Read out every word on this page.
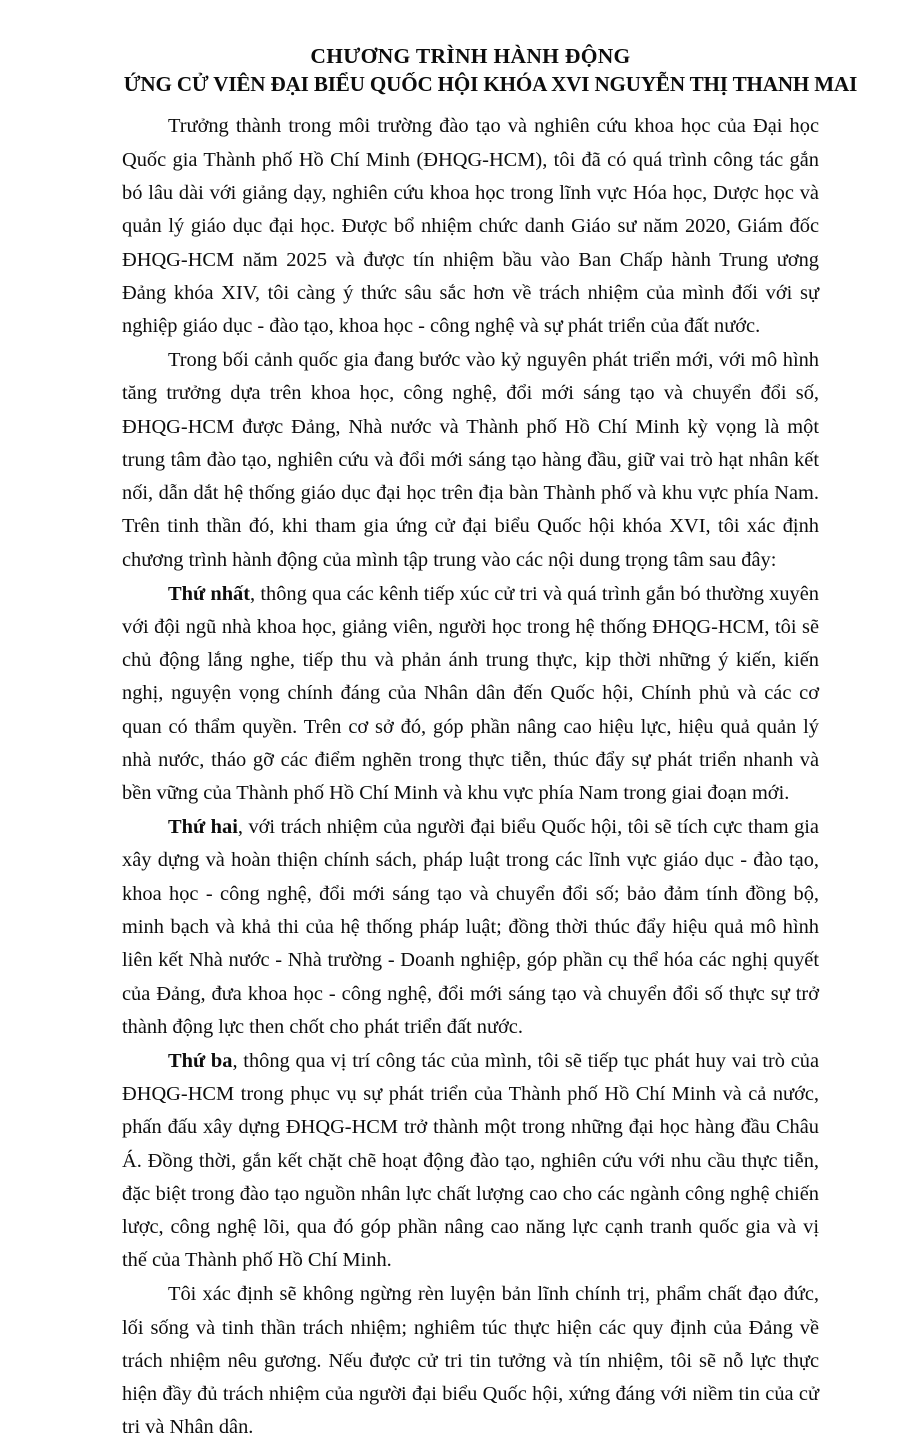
CHƯƠNG TRÌNH HÀNH ĐỘNG
ỨNG CỬ VIÊN ĐẠI BIỂU QUỐC HỘI KHÓA XVI NGUYỄN THỊ THANH MAI

Trưởng thành trong môi trường đào tạo và nghiên cứu khoa học của Đại học Quốc gia Thành phố Hồ Chí Minh (ĐHQG-HCM), tôi đã có quá trình công tác gắn bó lâu dài với giảng dạy, nghiên cứu khoa học trong lĩnh vực Hóa học, Dược học và quản lý giáo dục đại học. Được bổ nhiệm chức danh Giáo sư năm 2020, Giám đốc ĐHQG-HCM năm 2025 và được tín nhiệm bầu vào Ban Chấp hành Trung ương Đảng khóa XIV, tôi càng ý thức sâu sắc hơn về trách nhiệm của mình đối với sự nghiệp giáo dục - đào tạo, khoa học - công nghệ và sự phát triển của đất nước.

Trong bối cảnh quốc gia đang bước vào kỷ nguyên phát triển mới, với mô hình tăng trưởng dựa trên khoa học, công nghệ, đổi mới sáng tạo và chuyển đổi số, ĐHQG-HCM được Đảng, Nhà nước và Thành phố Hồ Chí Minh kỳ vọng là một trung tâm đào tạo, nghiên cứu và đổi mới sáng tạo hàng đầu, giữ vai trò hạt nhân kết nối, dẫn dắt hệ thống giáo dục đại học trên địa bàn Thành phố và khu vực phía Nam. Trên tinh thần đó, khi tham gia ứng cử đại biểu Quốc hội khóa XVI, tôi xác định chương trình hành động của mình tập trung vào các nội dung trọng tâm sau đây:

Thứ nhất, thông qua các kênh tiếp xúc cử tri và quá trình gắn bó thường xuyên với đội ngũ nhà khoa học, giảng viên, người học trong hệ thống ĐHQG-HCM, tôi sẽ chủ động lắng nghe, tiếp thu và phản ánh trung thực, kịp thời những ý kiến, kiến nghị, nguyện vọng chính đáng của Nhân dân đến Quốc hội, Chính phủ và các cơ quan có thẩm quyền. Trên cơ sở đó, góp phần nâng cao hiệu lực, hiệu quả quản lý nhà nước, tháo gỡ các điểm nghẽn trong thực tiễn, thúc đẩy sự phát triển nhanh và bền vững của Thành phố Hồ Chí Minh và khu vực phía Nam trong giai đoạn mới.

Thứ hai, với trách nhiệm của người đại biểu Quốc hội, tôi sẽ tích cực tham gia xây dựng và hoàn thiện chính sách, pháp luật trong các lĩnh vực giáo dục - đào tạo, khoa học - công nghệ, đổi mới sáng tạo và chuyển đổi số; bảo đảm tính đồng bộ, minh bạch và khả thi của hệ thống pháp luật; đồng thời thúc đẩy hiệu quả mô hình liên kết Nhà nước - Nhà trường - Doanh nghiệp, góp phần cụ thể hóa các nghị quyết của Đảng, đưa khoa học - công nghệ, đổi mới sáng tạo và chuyển đổi số thực sự trở thành động lực then chốt cho phát triển đất nước.

Thứ ba, thông qua vị trí công tác của mình, tôi sẽ tiếp tục phát huy vai trò của ĐHQG-HCM trong phục vụ sự phát triển của Thành phố Hồ Chí Minh và cả nước, phấn đấu xây dựng ĐHQG-HCM trở thành một trong những đại học hàng đầu Châu Á. Đồng thời, gắn kết chặt chẽ hoạt động đào tạo, nghiên cứu với nhu cầu thực tiễn, đặc biệt trong đào tạo nguồn nhân lực chất lượng cao cho các ngành công nghệ chiến lược, công nghệ lõi, qua đó góp phần nâng cao năng lực cạnh tranh quốc gia và vị thế của Thành phố Hồ Chí Minh.

Tôi xác định sẽ không ngừng rèn luyện bản lĩnh chính trị, phẩm chất đạo đức, lối sống và tinh thần trách nhiệm; nghiêm túc thực hiện các quy định của Đảng về trách nhiệm nêu gương. Nếu được cử tri tin tưởng và tín nhiệm, tôi sẽ nỗ lực thực hiện đầy đủ trách nhiệm của người đại biểu Quốc hội, xứng đáng với niềm tin của cử tri và Nhân dân.
